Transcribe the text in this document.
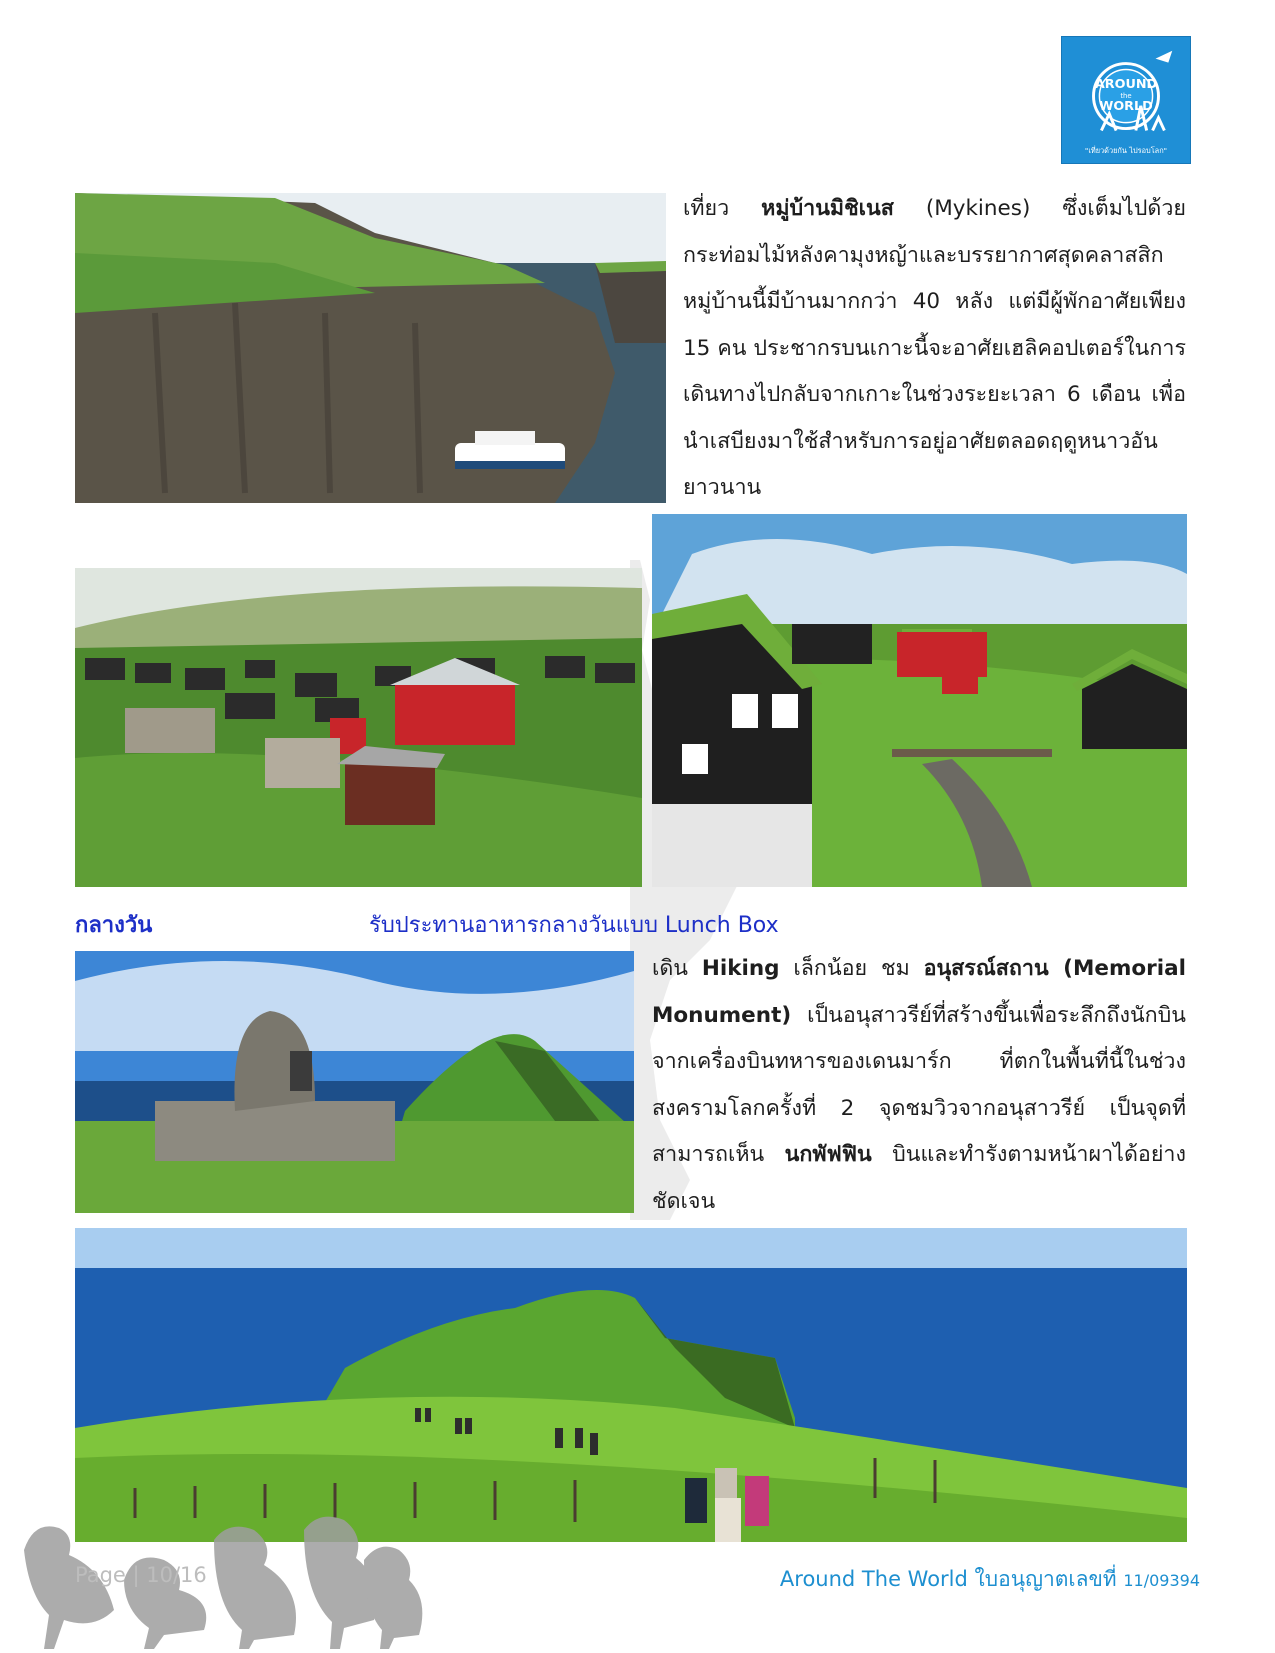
AROUND
the
WORLD
"เที่ยวด้วยกัน ไปรอบโลก"
เที่ยว หมู่บ้านมิชิเนส (Mykines) ซึ่งเต็มไปด้วยกระท่อมไม้หลังคามุงหญ้าและบรรยากาศสุดคลาสสิก หมู่บ้านนี้มีบ้านมากกว่า 40 หลัง แต่มีผู้พักอาศัยเพียง 15 คน ประชากรบนเกาะนี้จะอาศัยเฮลิคอปเตอร์ในการเดินทางไปกลับจากเกาะในช่วงระยะเวลา 6 เดือน เพื่อนำเสบียงมาใช้สำหรับการอยู่อาศัยตลอดฤดูหนาวอันยาวนาน
กลางวัน	รับประทานอาหารกลางวันแบบ Lunch Box
เดิน Hiking เล็กน้อย ชม อนุสรณ์สถาน (Memorial Monument) เป็นอนุสาวรีย์ที่สร้างขึ้นเพื่อระลึกถึงนักบินจากเครื่องบินทหารของเดนมาร์ก ที่ตกในพื้นที่นี้ในช่วงสงครามโลกครั้งที่ 2 จุดชมวิวจากอนุสาวรีย์ เป็นจุดที่สามารถเห็น นกพัฟฟิน บินและทำรังตามหน้าผาได้อย่างชัดเจน
Page | 10/16	Around The World ใบอนุญาตเลขที่ 11/09394
